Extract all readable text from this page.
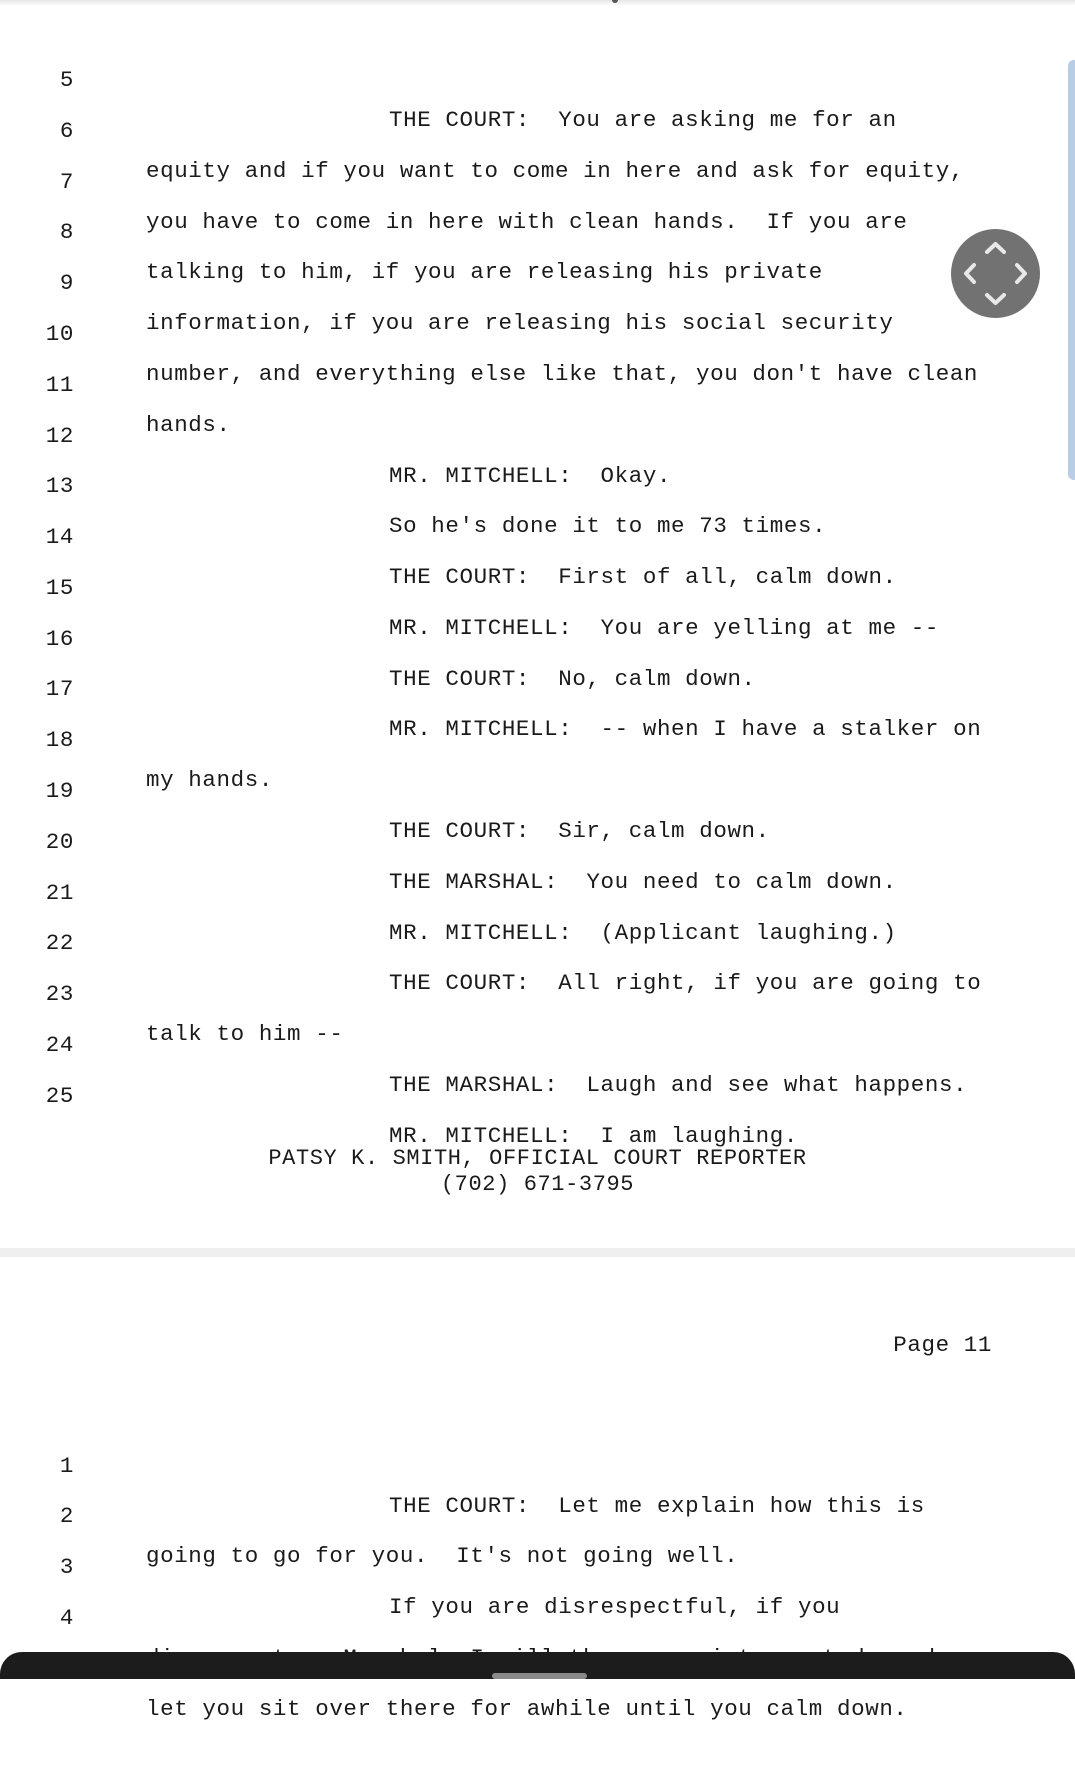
5

THE COURT:  You are asking me for an

6

equity and if you want to come in here and ask for equity,

7

you have to come in here with clean hands.  If you are

8

talking to him, if you are releasing his private

9

information, if you are releasing his social security

10

number, and everything else like that, you don't have clean

11

hands.

12

MR. MITCHELL:  Okay.

13

So he's done it to me 73 times.

14

THE COURT:  First of all, calm down.

15

MR. MITCHELL:  You are yelling at me --

16

THE COURT:  No, calm down.

17

MR. MITCHELL:  -- when I have a stalker on

18

my hands.

19

THE COURT:  Sir, calm down.

20

THE MARSHAL:  You need to calm down.

21

MR. MITCHELL:  (Applicant laughing.)

22

THE COURT:  All right, if you are going to

23

talk to him --

24

THE MARSHAL:  Laugh and see what happens.

25

MR. MITCHELL:  I am laughing.

PATSY K. SMITH, OFFICIAL COURT REPORTER
(702) 671-3795
Page 11

1

THE COURT:  Let me explain how this is

2

going to go for you.  It's not going well.

3

If you are disrespectful, if you

4

let you sit over there for awhile until you calm down.
